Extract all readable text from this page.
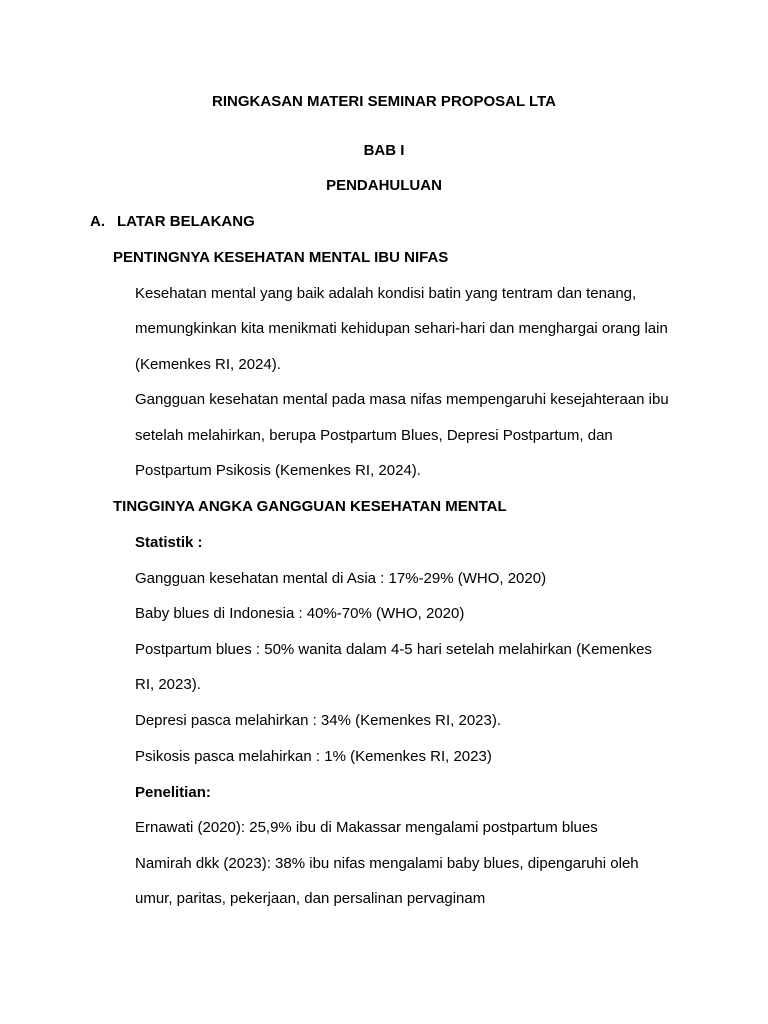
RINGKASAN MATERI SEMINAR PROPOSAL LTA
BAB I
PENDAHULUAN
A. LATAR BELAKANG
PENTINGNYA KESEHATAN MENTAL IBU NIFAS
Kesehatan mental yang baik adalah kondisi batin yang tentram dan tenang,
memungkinkan kita menikmati kehidupan sehari-hari dan menghargai orang lain
(Kemenkes RI, 2024).
Gangguan kesehatan mental pada masa nifas mempengaruhi kesejahteraan ibu
setelah melahirkan, berupa Postpartum Blues, Depresi Postpartum, dan
Postpartum Psikosis (Kemenkes RI, 2024).
TINGGINYA ANGKA GANGGUAN KESEHATAN MENTAL
Statistik :
Gangguan kesehatan mental di Asia : 17%-29% (WHO, 2020)
Baby blues di Indonesia : 40%-70% (WHO, 2020)
Postpartum blues : 50% wanita dalam 4-5 hari setelah melahirkan (Kemenkes
RI, 2023).
Depresi pasca melahirkan : 34% (Kemenkes RI, 2023).
Psikosis pasca melahirkan : 1% (Kemenkes RI, 2023)
Penelitian:
Ernawati (2020): 25,9% ibu di Makassar mengalami postpartum blues
Namirah dkk (2023): 38% ibu nifas mengalami baby blues, dipengaruhi oleh
umur, paritas, pekerjaan, dan persalinan pervaginam
